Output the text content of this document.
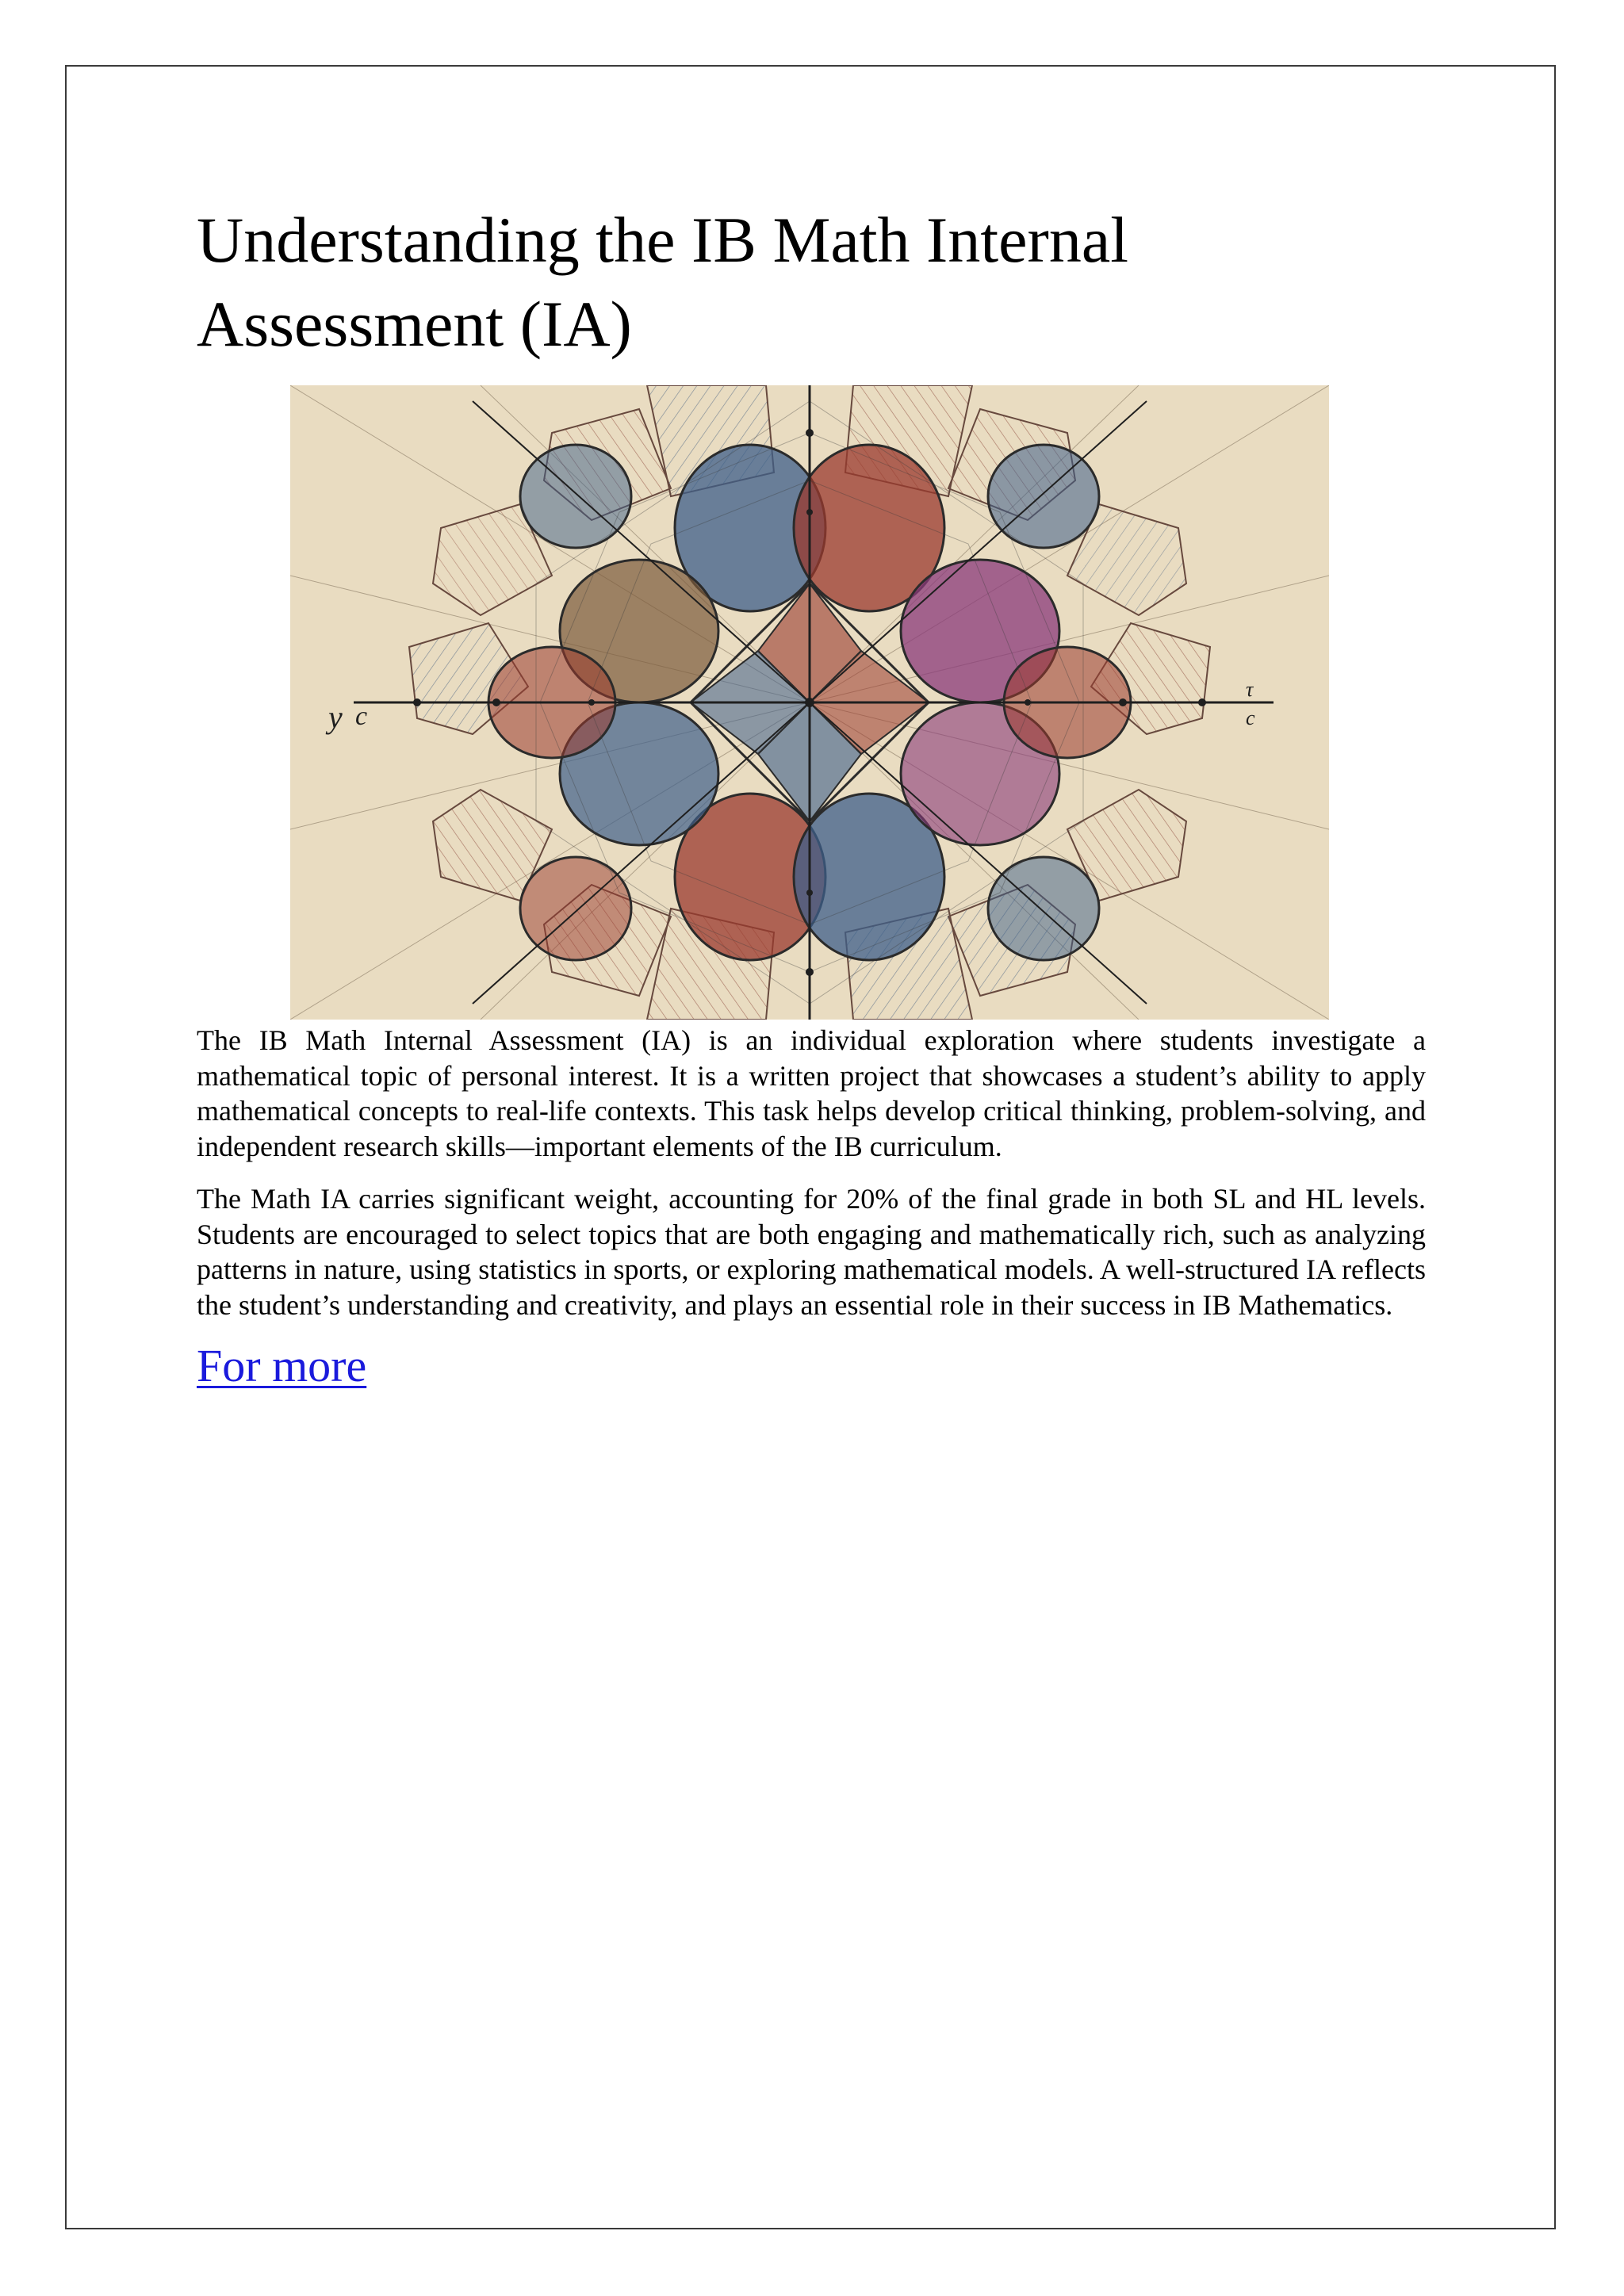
Understanding the IB Math Internal Assessment (IA)
y c
τ
c

The IB Math Internal Assessment (IA) is an individual exploration where students investigate a mathematical topic of personal interest. It is a written project that showcases a student’s ability to apply mathematical concepts to real-life contexts. This task helps develop critical thinking, problem-solving, and independent research skills—important elements of the IB curriculum.

The Math IA carries significant weight, accounting for 20% of the final grade in both SL and HL levels. Students are encouraged to select topics that are both engaging and mathematically rich, such as analyzing patterns in nature, using statistics in sports, or exploring mathematical models. A well-structured IA reflects the student’s understanding and creativity, and plays an essential role in their success in IB Mathematics.

For more
